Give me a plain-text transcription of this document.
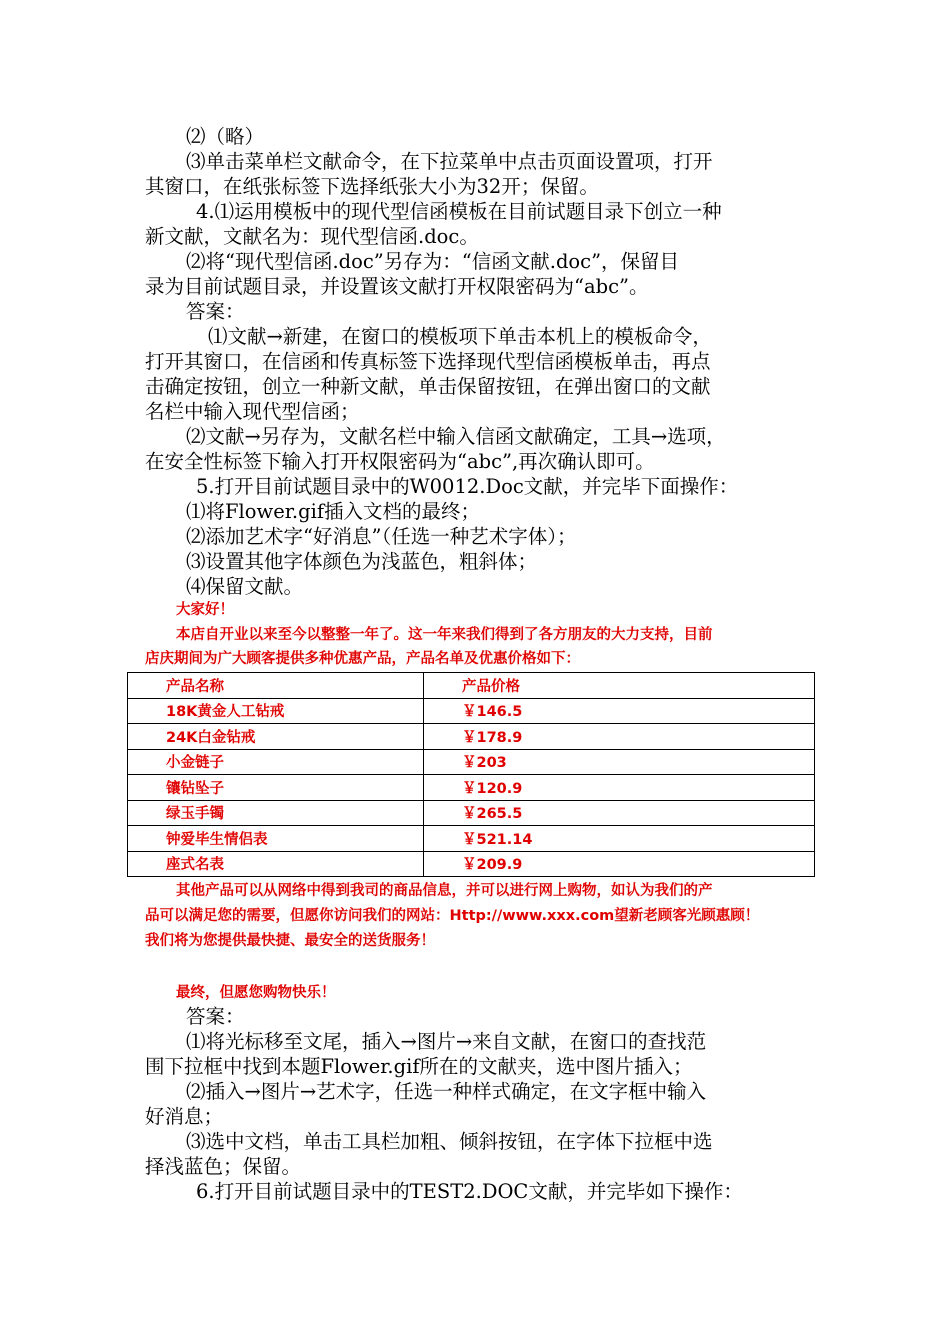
⑵（略）

⑶单击菜单栏文献命令，在下拉菜单中点击页面设置项，打开

其窗口，在纸张标签下选择纸张大小为32开；保留。

4.⑴运用模板中的现代型信函模板在目前试题目录下创立一种

新文献，文献名为：现代型信函.doc。

⑵将“现代型信函.doc”另存为：“信函文献.doc”，保留目

录为目前试题目录，并设置该文献打开权限密码为“abc”。

答案：

⑴文献→新建，在窗口的模板项下单击本机上的模板命令，

打开其窗口，在信函和传真标签下选择现代型信函模板单击，再点

击确定按钮，创立一种新文献，单击保留按钮，在弹出窗口的文献

名栏中输入现代型信函；

⑵文献→另存为，文献名栏中输入信函文献确定，工具→选项，

在安全性标签下输入打开权限密码为“abc”,再次确认即可。

5.打开目前试题目录中的W0012.Doc文献，并完毕下面操作：

⑴将Flower.gif插入文档的最终；

⑵添加艺术字“好消息”（任选一种艺术字体）；

⑶设置其他字体颜色为浅蓝色，粗斜体；

⑷保留文献。

大家好！

本店自开业以来至今以整整一年了。这一年来我们得到了各方朋友的大力支持，目前

店庆期间为广大顾客提供多种优惠产品，产品名单及优惠价格如下：

产品名称	产品价格
18K黄金人工钻戒	￥146.5
24K白金钻戒	￥178.9
小金链子	￥203
镶钻坠子	￥120.9
绿玉手镯	￥265.5
钟爱毕生情侣表	￥521.14
座式名表	￥209.9

其他产品可以从网络中得到我司的商品信息，并可以进行网上购物，如认为我们的产

品可以满足您的需要，但愿你访问我们的网站：Http://www.xxx.com望新老顾客光顾惠顾！

我们将为您提供最快捷、最安全的送货服务！

最终，但愿您购物快乐！

答案：

⑴将光标移至文尾，插入→图片→来自文献，在窗口的查找范

围下拉框中找到本题Flower.gif所在的文献夹，选中图片插入；

⑵插入→图片→艺术字，任选一种样式确定，在文字框中输入

好消息；

⑶选中文档，单击工具栏加粗、倾斜按钮，在字体下拉框中选

择浅蓝色；保留。

6.打开目前试题目录中的TEST2.DOC文献，并完毕如下操作：
